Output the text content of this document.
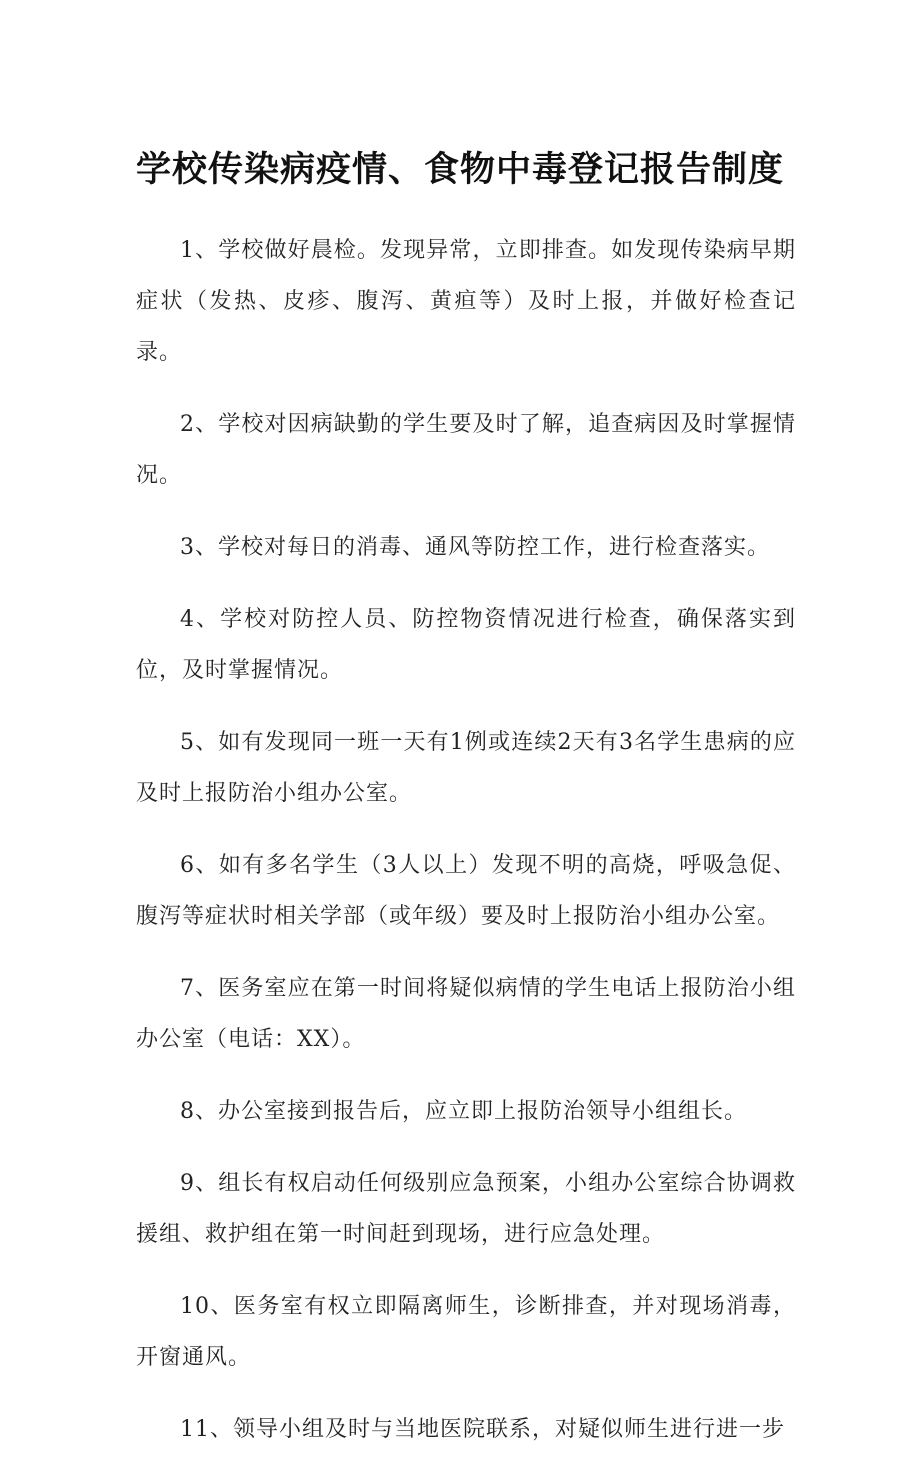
学校传染病疫情、食物中毒登记报告制度

1、学校做好晨检。发现异常，立即排查。如发现传染病早期症状（发热、皮疹、腹泻、黄疸等）及时上报，并做好检查记录。

2、学校对因病缺勤的学生要及时了解，追查病因及时掌握情况。

3、学校对每日的消毒、通风等防控工作，进行检查落实。

4、学校对防控人员、防控物资情况进行检查，确保落实到位，及时掌握情况。

5、如有发现同一班一天有1例或连续2天有3名学生患病的应及时上报防治小组办公室。

6、如有多名学生（3人以上）发现不明的高烧，呼吸急促、腹泻等症状时相关学部（或年级）要及时上报防治小组办公室。

7、医务室应在第一时间将疑似病情的学生电话上报防治小组办公室（电话：XX）。

8、办公室接到报告后，应立即上报防治领导小组组长。

9、组长有权启动任何级别应急预案，小组办公室综合协调救援组、救护组在第一时间赶到现场，进行应急处理。

10、医务室有权立即隔离师生，诊断排查，并对现场消毒，开窗通风。

11、领导小组及时与当地医院联系，对疑似师生进行进一步
